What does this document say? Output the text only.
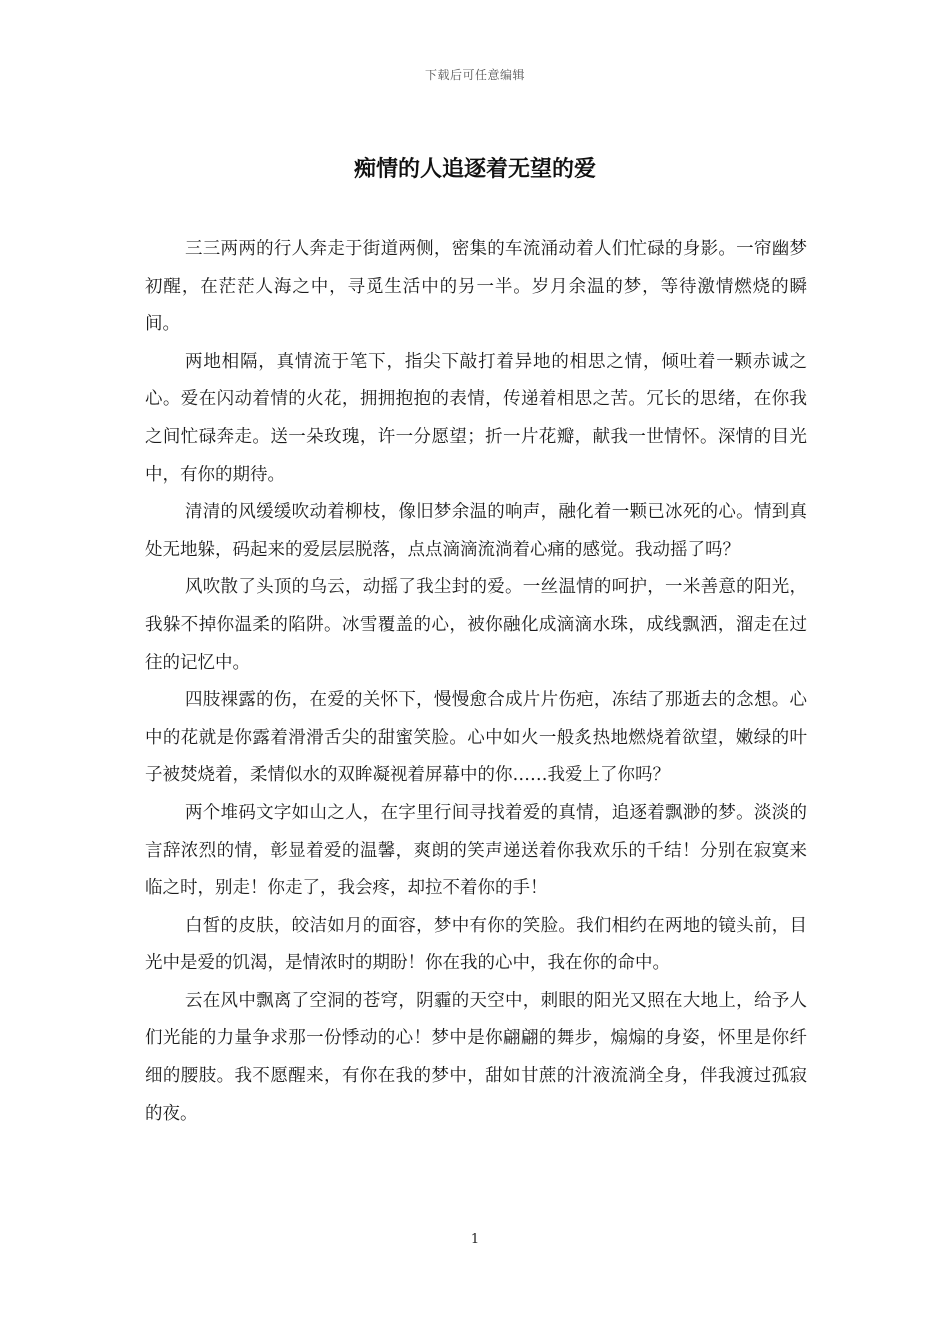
下载后可任意编辑
痴情的人追逐着无望的爱

三三两两的行人奔走于街道两侧，密集的车流涌动着人们忙碌的身影。一帘幽梦初醒，在茫茫人海之中，寻觅生活中的另一半。岁月余温的梦，等待激情燃烧的瞬间。

两地相隔，真情流于笔下，指尖下敲打着异地的相思之情，倾吐着一颗赤诚之心。爱在闪动着情的火花，拥拥抱抱的表情，传递着相思之苦。冗长的思绪，在你我之间忙碌奔走。送一朵玫瑰，许一分愿望；折一片花瓣，献我一世情怀。深情的目光中，有你的期待。

清清的风缓缓吹动着柳枝，像旧梦余温的响声，融化着一颗已冰死的心。情到真处无地躲，码起来的爱层层脱落，点点滴滴流淌着心痛的感觉。我动摇了吗？

风吹散了头顶的乌云，动摇了我尘封的爱。一丝温情的呵护，一米善意的阳光，我躲不掉你温柔的陷阱。冰雪覆盖的心，被你融化成滴滴水珠，成线飘洒，溜走在过往的记忆中。

四肢裸露的伤，在爱的关怀下，慢慢愈合成片片伤疤，冻结了那逝去的念想。心中的花就是你露着滑滑舌尖的甜蜜笑脸。心中如火一般炙热地燃烧着欲望，嫩绿的叶子被焚烧着，柔情似水的双眸凝视着屏幕中的你……我爱上了你吗？

两个堆码文字如山之人，在字里行间寻找着爱的真情，追逐着飘渺的梦。淡淡的言辞浓烈的情，彰显着爱的温馨，爽朗的笑声递送着你我欢乐的千结！分别在寂寞来临之时，别走！你走了，我会疼，却拉不着你的手！

白皙的皮肤，皎洁如月的面容，梦中有你的笑脸。我们相约在两地的镜头前，目光中是爱的饥渴，是情浓时的期盼！你在我的心中，我在你的命中。

云在风中飘离了空洞的苍穹，阴霾的天空中，刺眼的阳光又照在大地上，给予人们光能的力量争求那一份悸动的心！梦中是你翩翩的舞步，煽煽的身姿，怀里是你纤细的腰肢。我不愿醒来，有你在我的梦中，甜如甘蔗的汁液流淌全身，伴我渡过孤寂的夜。

1
